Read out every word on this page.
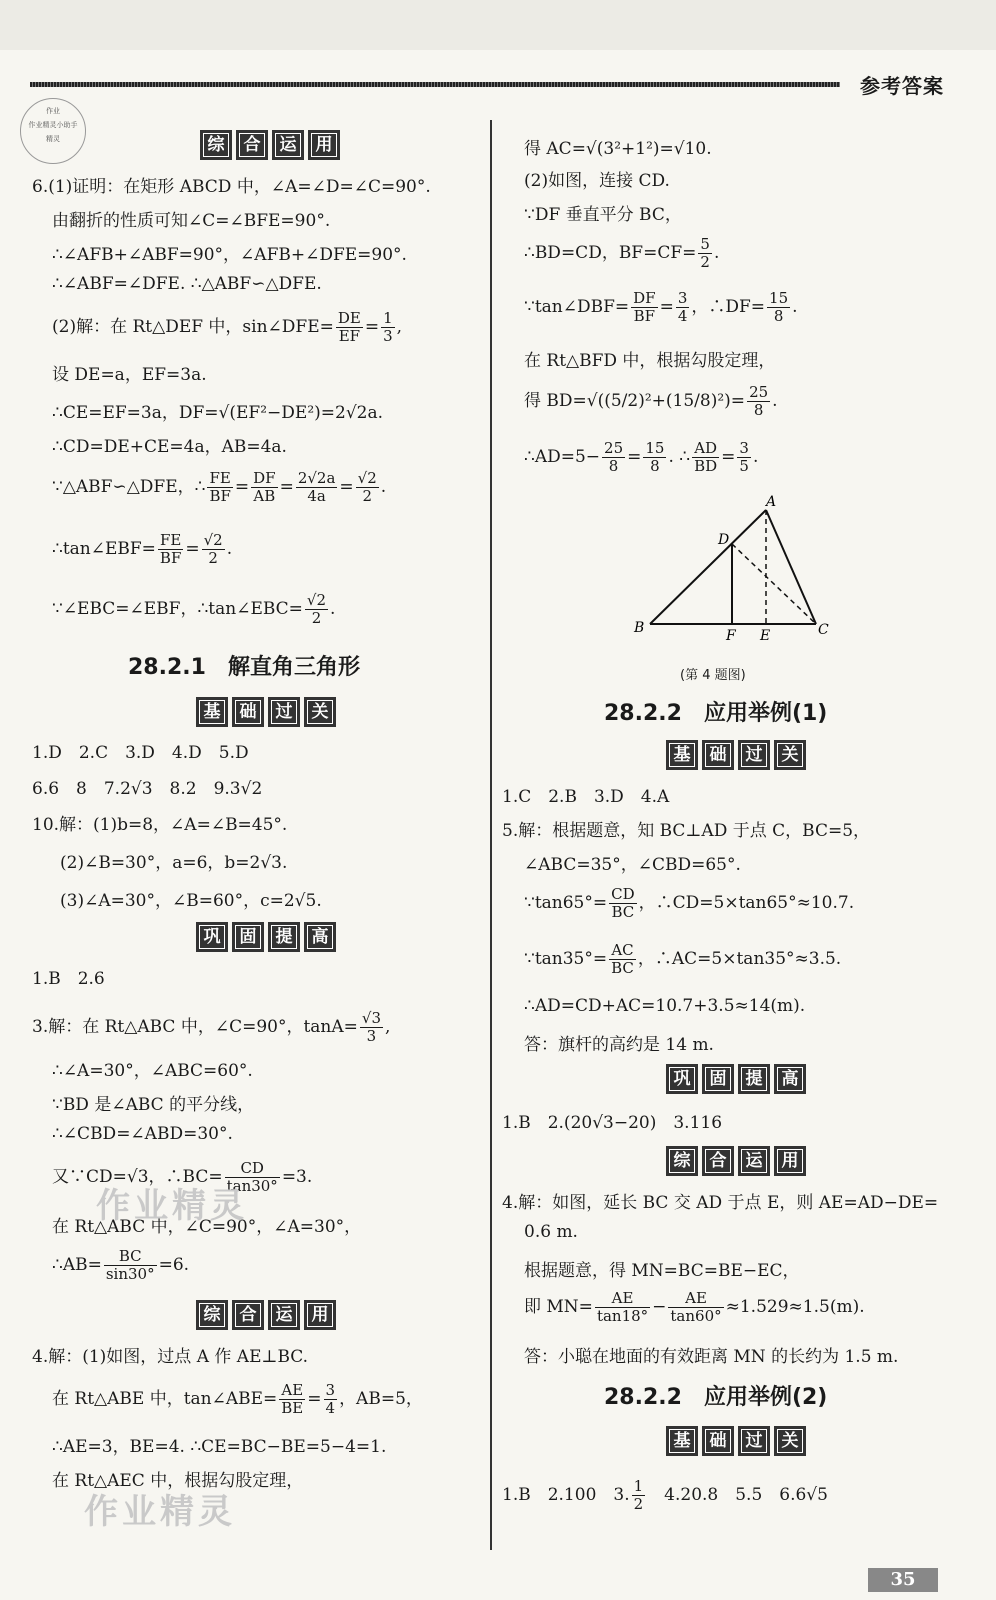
参考答案
作业
作业精灵小助手
精灵	综	合	运	用
6.(1)证明：在矩形 ABCD 中，∠A=∠D=∠C=90°.
由翻折的性质可知∠C=∠BFE=90°.
∴∠AFB+∠ABF=90°，∠AFB+∠DFE=90°.
∴∠ABF=∠DFE. ∴△ABF∽△DFE.
(2)解：在 Rt△DEF 中，sin∠DFE= $\frac{DE}{EF} = \frac{1}{3}$ ,
设 DE=a，EF=3a.
∴CE=EF=3a，DF=√(EF²−DE²)=2√2a.
∴CD=DE+CE=4a，AB=4a.
∵△ABF∽△DFE，∴ $\frac{FE}{BF} = \frac{DF}{AB} = \frac{2√2a}{4a} = \frac{√2}{2}$ .
∴tan∠EBF= $\frac{FE}{BF} = \frac{√2}{2}$ .
∵∠EBC=∠EBF，∴tan∠EBC= $\frac{√2}{2}$ .
28.2.1　解直角三角形
基	础	过	关
1.D　2.C　3.D　4.D　5.D
6.6　8　7.2√3　8.2　9.3√2
10.解：(1)b=8，∠A=∠B=45°.
(2)∠B=30°，a=6，b=2√3.
(3)∠A=30°，∠B=60°，c=2√5.
巩	固	提	高
1.B　2.6
3.解：在 Rt△ABC 中，∠C=90°，$\tan A= \frac{√3}{3}$ ,
∴∠A=30°，∠ABC=60°.
∵BD 是∠ABC 的平分线，
∴∠CBD=∠ABD=30°.
又∵CD=√3，∴BC= $\frac{CD}{\tan 30^\circ} =3$.
在 Rt△ABC 中，∠C=90°，∠A=30°，
∴AB= $\frac{BC}{\sin 30^\circ} =6$.
综	合	运	用
4.解：(1)如图，过点 A 作 AE⊥BC.
在 Rt△ABE 中，tan∠ABE= $\frac{AE}{BE} = \frac{3}{4}$ ，AB=5，
∴AE=3，BE=4. ∴CE=BC−BE=5−4=1.
在 Rt△AEC 中，根据勾股定理，
作业精灵
作业精灵
得 AC=√(3²+1²)=√10.
(2)如图，连接 CD.
∵DF 垂直平分 BC，
∴BD=CD，$BF=CF= \frac{5}{2}$ .
∵tan∠DBF= $\frac{DF}{BF} = \frac{3}{4}$ ，∴DF= $\frac{15}{8}$ .
在 Rt△BFD 中，根据勾股定理，
得 $BD=√((5/2)^2+(15/8)^2)= \frac{25}{8}$ .
∴AD=5− $\frac{25}{8} = \frac{15}{8}$ . ∴ $\frac{AD}{BD} = \frac{3}{5}$ .
A
D
B	F E	C
(第 4 题图)
28.2.2　应用举例(1)
基	础	过	关
1.C　2.B　3.D　4.A
5.解：根据题意，知 BC⊥AD 于点 C，BC=5，
∠ABC=35°，∠CBD=65°.
∵tan65°= $\frac{CD}{BC}$ ，∴CD=5×tan65°≈10.7.
∵tan35°= $\frac{AC}{BC}$ ，∴AC=5×tan35°≈3.5.
∴AD=CD+AC=10.7+3.5≈14(m).
答：旗杆的高约是 14 m.
巩	固	提	高
1.B　2.(20√3−20)　3.116
综	合	运	用
4.解：如图，延长 BC 交 AD 于点 E，则 AE=AD−DE=
0.6 m.
根据题意，得 MN=BC=BE−EC，
即 $MN= \frac{AE}{\tan 18^\circ} - \frac{AE}{\tan 60^\circ} \approx 1.529\approx 1.5(m)$.
答：小聪在地面的有效距离 MN 的长约为 1.5 m.
28.2.2　应用举例(2)
基	础	过	关
1.B　2.100　3. $\frac{1}{2}$
　 4.20.8　5.5　6.6√5
35
